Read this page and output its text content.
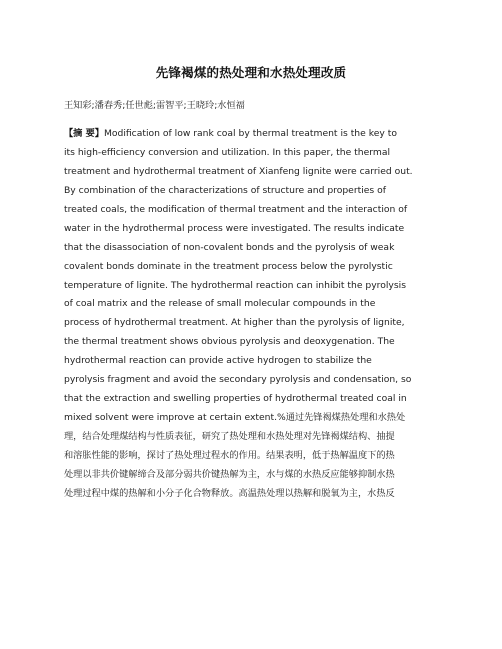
先锋褐煤的热处理和水热处理改质

王知彩;潘春秀;任世彪;雷智平;王晓玲;水恒福

【摘 要】Modification of low rank coal by thermal treatment is the key to
its high-efficiency conversion and utilization. In this paper, the thermal
treatment and hydrothermal treatment of Xianfeng lignite were carried out.
By combination of the characterizations of structure and properties of
treated coals, the modification of thermal treatment and the interaction of
water in the hydrothermal process were investigated. The results indicate
that the disassociation of non-covalent bonds and the pyrolysis of weak
covalent bonds dominate in the treatment process below the pyrolystic
temperature of lignite. The hydrothermal reaction can inhibit the pyrolysis
of coal matrix and the release of small molecular compounds in the
process of hydrothermal treatment. At higher than the pyrolysis of lignite,
the thermal treatment shows obvious pyrolysis and deoxygenation. The
hydrothermal reaction can provide active hydrogen to stabilize the
pyrolysis fragment and avoid the secondary pyrolysis and condensation, so
that the extraction and swelling properties of hydrothermal treated coal in
mixed solvent were improve at certain extent.%通过先锋褐煤热处理和水热处
理，结合处理煤结构与性质表征，研究了热处理和水热处理对先锋褐煤结构、抽提
和溶胀性能的影响，探讨了热处理过程水的作用。结果表明，低于热解温度下的热
处理以非共价键解缔合及部分弱共价键热解为主，水与煤的水热反应能够抑制水热
处理过程中煤的热解和小分子化合物释放。高温热处理以热解和脱氧为主，水热反
